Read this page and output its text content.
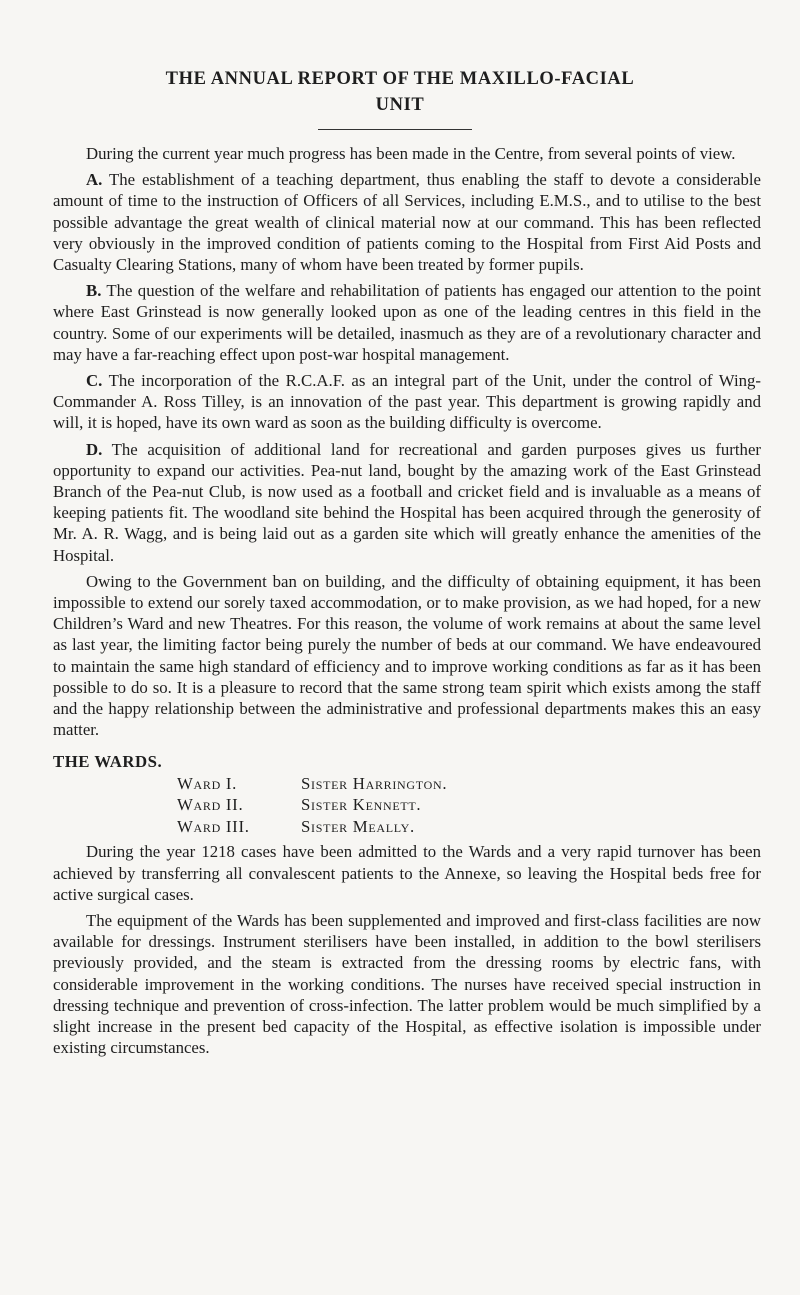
THE ANNUAL REPORT OF THE MAXILLO-FACIAL
UNIT

During the current year much progress has been made in the Centre, from several points of view.

A. The establishment of a teaching department, thus enabling the staff to devote a considerable amount of time to the instruction of Officers of all Services, including E.M.S., and to utilise to the best possible advantage the great wealth of clinical material now at our command. This has been reflected very obviously in the improved condition of patients coming to the Hospital from First Aid Posts and Casualty Clearing Stations, many of whom have been treated by former pupils.

B. The question of the welfare and rehabilitation of patients has engaged our attention to the point where East Grinstead is now generally looked upon as one of the leading centres in this field in the country. Some of our experiments will be detailed, inasmuch as they are of a revolutionary character and may have a far-reaching effect upon post-war hospital management.

C. The incorporation of the R.C.A.F. as an integral part of the Unit, under the control of Wing-Commander A. Ross Tilley, is an innovation of the past year. This department is growing rapidly and will, it is hoped, have its own ward as soon as the building difficulty is overcome.

D. The acquisition of additional land for recreational and garden purposes gives us further opportunity to expand our activities. Pea-nut land, bought by the amazing work of the East Grinstead Branch of the Pea-nut Club, is now used as a football and cricket field and is invaluable as a means of keeping patients fit. The woodland site behind the Hospital has been acquired through the generosity of Mr. A. R. Wagg, and is being laid out as a garden site which will greatly enhance the amenities of the Hospital.

Owing to the Government ban on building, and the difficulty of obtaining equipment, it has been impossible to extend our sorely taxed accommodation, or to make provision, as we had hoped, for a new Children’s Ward and new Theatres. For this reason, the volume of work remains at about the same level as last year, the limiting factor being purely the number of beds at our command. We have endeavoured to maintain the same high standard of efficiency and to improve working conditions as far as it has been possible to do so. It is a pleasure to record that the same strong team spirit which exists among the staff and the happy relationship between the administrative and professional departments makes this an easy matter.

THE WARDS.
Ward I.	Sister Harrington.
Ward II.	Sister Kennett.
Ward III.	Sister Meally.

During the year 1218 cases have been admitted to the Wards and a very rapid turnover has been achieved by transferring all convalescent patients to the Annexe, so leaving the Hospital beds free for active surgical cases.

The equipment of the Wards has been supplemented and improved and first-class facilities are now available for dressings. Instrument sterilisers have been installed, in addition to the bowl sterilisers previously provided, and the steam is extracted from the dressing rooms by electric fans, with considerable improvement in the working conditions. The nurses have received special instruction in dressing technique and prevention of cross-infection. The latter problem would be much simplified by a slight increase in the present bed capacity of the Hospital, as effective isolation is impossible under existing circumstances.
